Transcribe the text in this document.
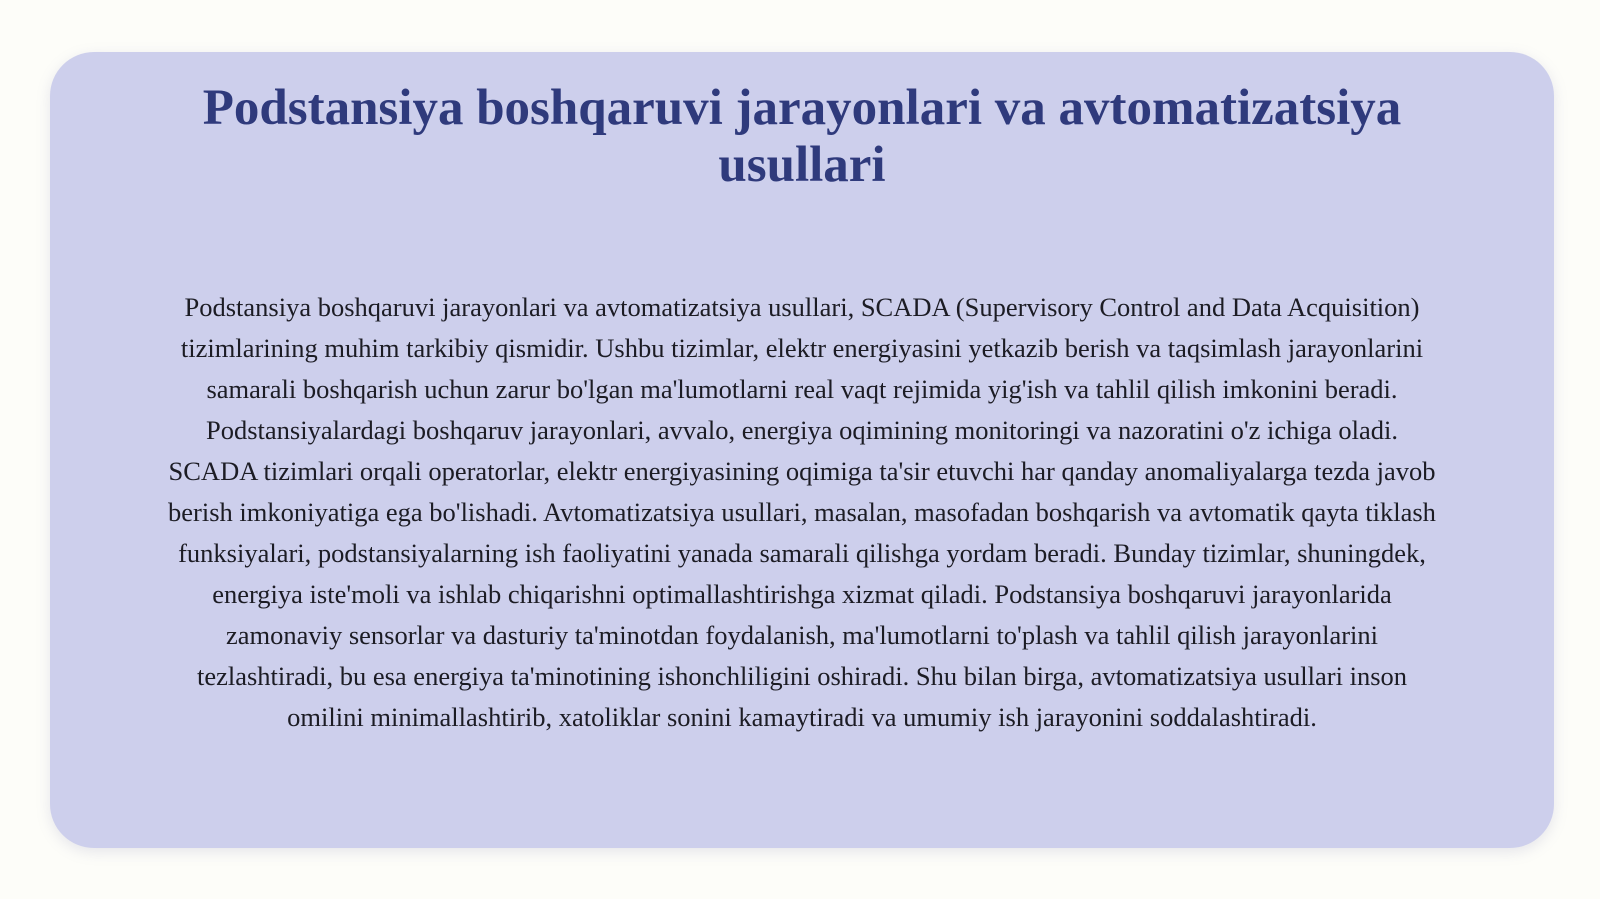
Podstansiya boshqaruvi jarayonlari va avtomatizatsiya usullari

Podstansiya boshqaruvi jarayonlari va avtomatizatsiya usullari, SCADA (Supervisory Control and Data Acquisition) tizimlarining muhim tarkibiy qismidir. Ushbu tizimlar, elektr energiyasini yetkazib berish va taqsimlash jarayonlarini samarali boshqarish uchun zarur bo'lgan ma'lumotlarni real vaqt rejimida yig'ish va tahlil qilish imkonini beradi. Podstansiyalardagi boshqaruv jarayonlari, avvalo, energiya oqimining monitoringi va nazoratini o'z ichiga oladi. SCADA tizimlari orqali operatorlar, elektr energiyasining oqimiga ta'sir etuvchi har qanday anomaliyalarga tezda javob berish imkoniyatiga ega bo'lishadi. Avtomatizatsiya usullari, masalan, masofadan boshqarish va avtomatik qayta tiklash funksiyalari, podstansiyalarning ish faoliyatini yanada samarali qilishga yordam beradi. Bunday tizimlar, shuningdek, energiya iste'moli va ishlab chiqarishni optimallashtirishga xizmat qiladi. Podstansiya boshqaruvi jarayonlarida zamonaviy sensorlar va dasturiy ta'minotdan foydalanish, ma'lumotlarni to'plash va tahlil qilish jarayonlarini tezlashtiradi, bu esa energiya ta'minotining ishonchliligini oshiradi. Shu bilan birga, avtomatizatsiya usullari inson omilini minimallashtirib, xatoliklar sonini kamaytiradi va umumiy ish jarayonini soddalashtiradi.
